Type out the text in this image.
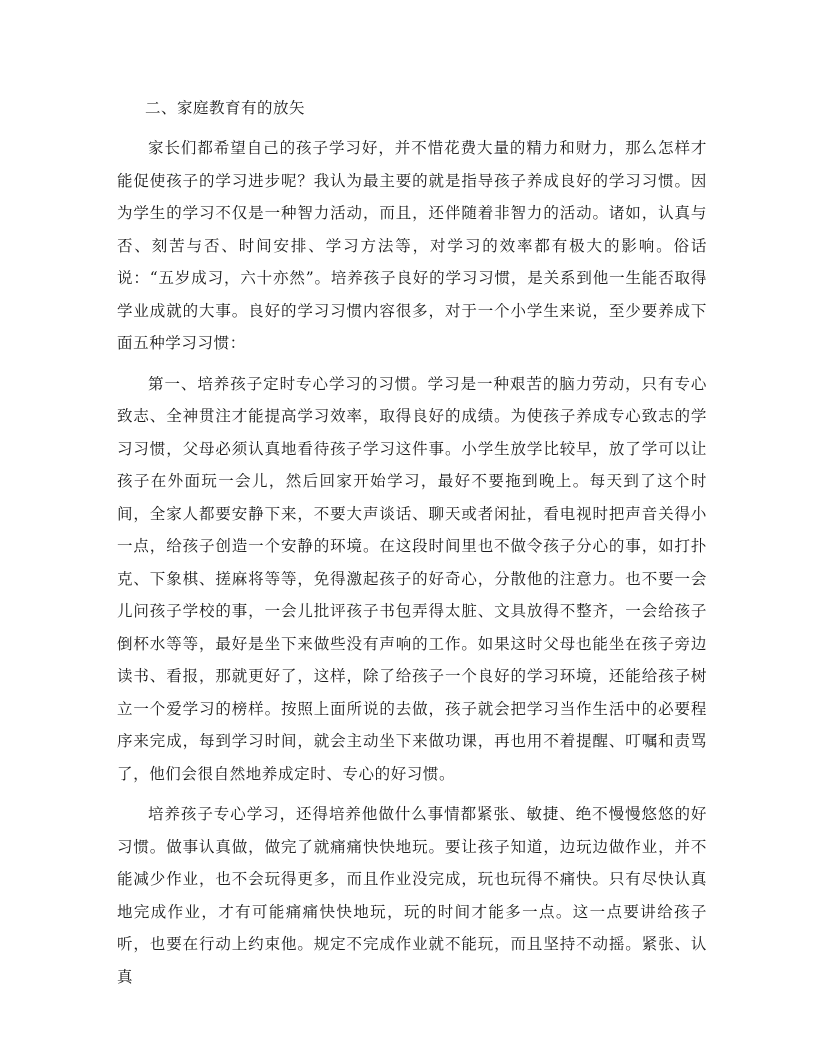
二、家庭教育有的放矢

家长们都希望自己的孩子学习好，并不惜花费大量的精力和财力，那么怎样才能促使孩子的学习进步呢？我认为最主要的就是指导孩子养成良好的学习习惯。因为学生的学习不仅是一种智力活动，而且，还伴随着非智力的活动。诸如，认真与否、刻苦与否、时间安排、学习方法等，对学习的效率都有极大的影响。俗话说：“五岁成习，六十亦然”。培养孩子良好的学习习惯，是关系到他一生能否取得学业成就的大事。良好的学习习惯内容很多，对于一个小学生来说，至少要养成下面五种学习习惯：

第一、培养孩子定时专心学习的习惯。学习是一种艰苦的脑力劳动，只有专心致志、全神贯注才能提高学习效率，取得良好的成绩。为使孩子养成专心致志的学习习惯，父母必须认真地看待孩子学习这件事。小学生放学比较早，放了学可以让孩子在外面玩一会儿，然后回家开始学习，最好不要拖到晚上。每天到了这个时间，全家人都要安静下来，不要大声谈话、聊天或者闲扯，看电视时把声音关得小一点，给孩子创造一个安静的环境。在这段时间里也不做令孩子分心的事，如打扑克、下象棋、搓麻将等等，免得激起孩子的好奇心，分散他的注意力。也不要一会儿问孩子学校的事，一会儿批评孩子书包弄得太脏、文具放得不整齐，一会给孩子倒杯水等等，最好是坐下来做些没有声响的工作。如果这时父母也能坐在孩子旁边读书、看报，那就更好了，这样，除了给孩子一个良好的学习环境，还能给孩子树立一个爱学习的榜样。按照上面所说的去做，孩子就会把学习当作生活中的必要程序来完成，每到学习时间，就会主动坐下来做功课，再也用不着提醒、叮嘱和责骂了，他们会很自然地养成定时、专心的好习惯。

培养孩子专心学习，还得培养他做什么事情都紧张、敏捷、绝不慢慢悠悠的好习惯。做事认真做，做完了就痛痛快快地玩。要让孩子知道，边玩边做作业，并不能减少作业，也不会玩得更多，而且作业没完成，玩也玩得不痛快。只有尽快认真地完成作业，才有可能痛痛快快地玩，玩的时间才能多一点。这一点要讲给孩子听，也要在行动上约束他。规定不完成作业就不能玩，而且坚持不动摇。紧张、认真
